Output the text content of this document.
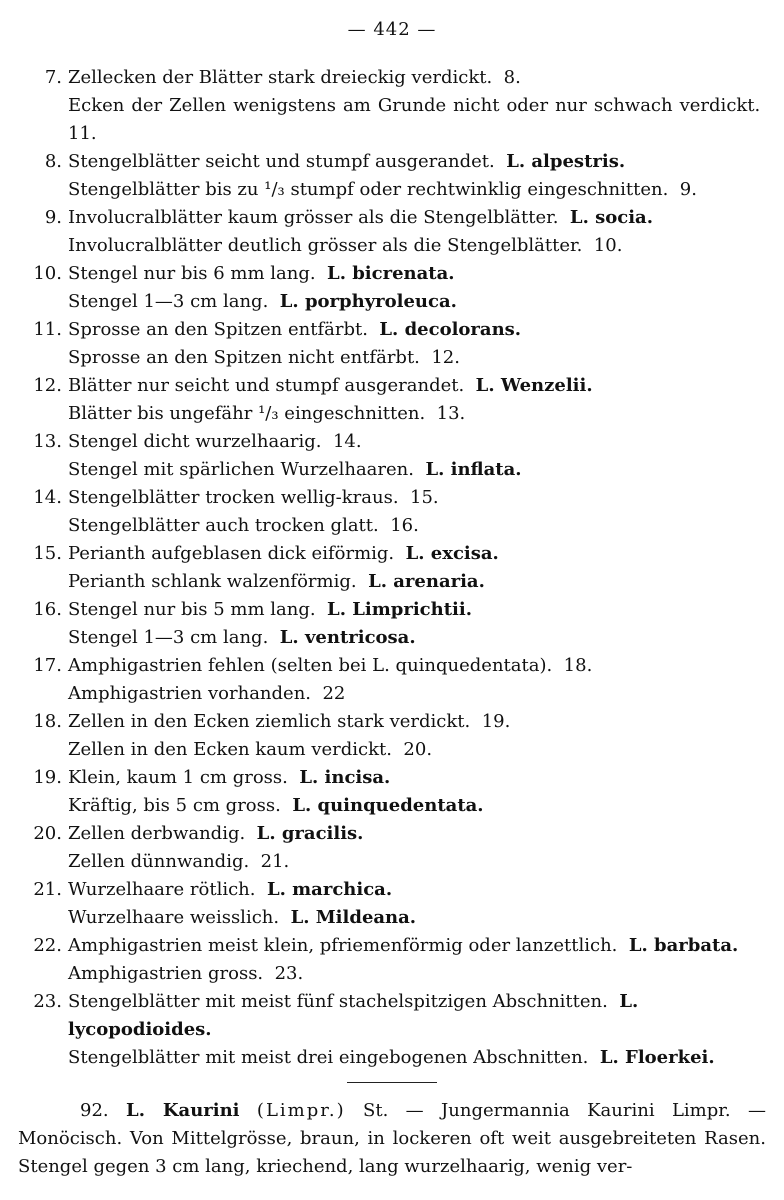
— 442 —
7. Zellecken der Blätter stark dreieckig verdickt. 8.
Ecken der Zellen wenigstens am Grunde nicht oder nur schwach verdickt.  11.
8. Stengelblätter seicht und stumpf ausgerandet. L. alpestris.
Stengelblätter bis zu ¹/₃ stumpf oder rechtwinklig eingeschnitten. 9.
9. Involucralblätter kaum grösser als die Stengelblätter. L. socia.
Involucralblätter deutlich grösser als die Stengelblätter. 10.
10. Stengel nur bis 6 mm lang. L. bicrenata.
Stengel 1—3 cm lang. L. porphyroleuca.
11. Sprosse an den Spitzen entfärbt. L. decolorans.
Sprosse an den Spitzen nicht entfärbt. 12.
12. Blätter nur seicht und stumpf ausgerandet. L. Wenzelii.
Blätter bis ungefähr ¹/₃ eingeschnitten. 13.
13. Stengel dicht wurzelhaarig. 14.
Stengel mit spärlichen Wurzelhaaren. L. inflata.
14. Stengelblätter trocken wellig-kraus. 15.
Stengelblätter auch trocken glatt. 16.
15. Perianth aufgeblasen dick eiförmig. L. excisa.
Perianth schlank walzenförmig. L. arenaria.
16. Stengel nur bis 5 mm lang. L. Limprichtii.
Stengel 1—3 cm lang. L. ventricosa.
17. Amphigastrien fehlen (selten bei L. quinquedentata). 18.
Amphigastrien vorhanden. 22
18. Zellen in den Ecken ziemlich stark verdickt. 19.
Zellen in den Ecken kaum verdickt. 20.
19. Klein, kaum 1 cm gross. L. incisa.
Kräftig, bis 5 cm gross. L. quinquedentata.
20. Zellen derbwandig. L. gracilis.
Zellen dünnwandig. 21.
21. Wurzelhaare rötlich. L. marchica.
Wurzelhaare weisslich. L. Mildeana.
22. Amphigastrien meist klein, pfriemenförmig oder lanzettlich. L. barbata.
Amphigastrien gross. 23.
23. Stengelblätter mit meist fünf stachelspitzigen Abschnitten. L. lycopodioides.
Stengelblätter mit meist drei eingebogenen Abschnitten. L. Floerkei.

92. L. Kaurini (Limpr.) St. — Jungermannia Kaurini Limpr. — Monöcisch. Von Mittelgrösse, braun, in lockeren oft weit ausgebreiteten Rasen. Stengel gegen 3 cm lang, kriechend, lang wurzelhaarig, wenig ver-
